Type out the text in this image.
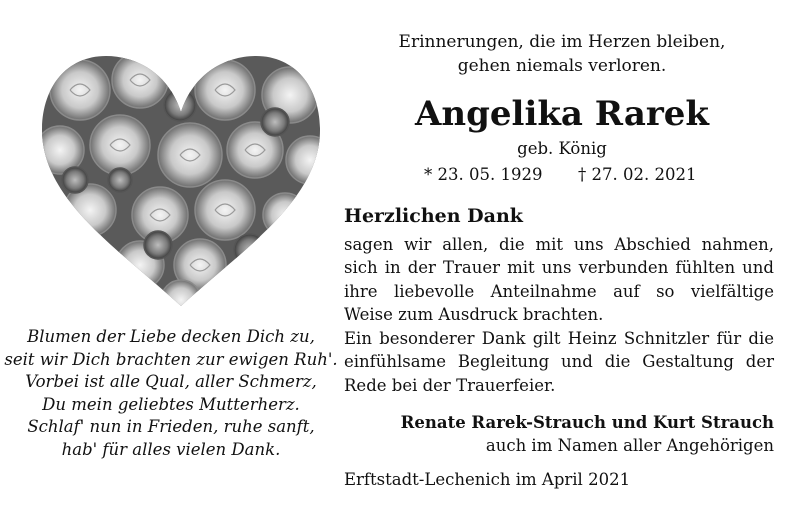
Blumen der Liebe decken Dich zu,
seit wir Dich brachten zur ewigen Ruh'.
Vorbei ist alle Qual, aller Schmerz,
Du mein geliebtes Mutterherz.
Schlaf' nun in Frieden, ruhe sanft,
hab' für alles vielen Dank.
Erinnerungen, die im Herzen bleiben,
gehen niemals verloren.
Angelika Rarek
geb. König
* 23. 05. 1929 † 27. 02. 2021
Herzlichen Dank
sagen wir allen, die mit uns Abschied nahmen,
sich in der Trauer mit uns verbunden fühlten und
ihre liebevolle Anteilnahme auf so vielfältige
Weise zum Ausdruck brachten.
Ein besonderer Dank gilt Heinz Schnitzler für die
einfühlsame Begleitung und die Gestaltung der
Rede bei der Trauerfeier.
Renate Rarek-Strauch und Kurt Strauch
auch im Namen aller Angehörigen
Erftstadt-Lechenich im April 2021
